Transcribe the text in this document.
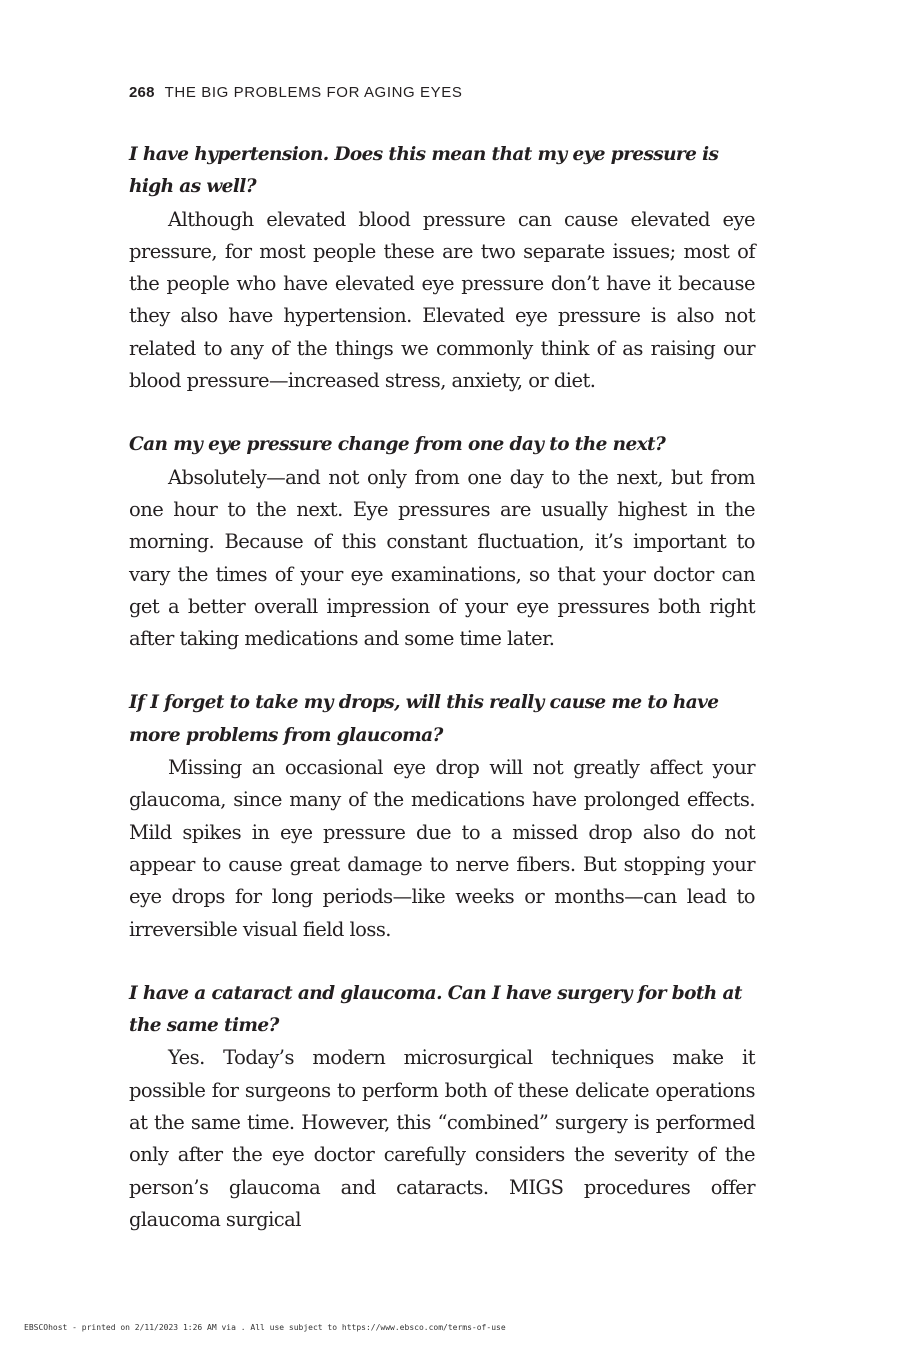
268 THE BIG PROBLEMS FOR AGING EYES

I have hypertension. Does this mean that my eye pressure is high as well?

Although elevated blood pressure can cause elevated eye pressure, for most people these are two separate issues; most of the people who have elevated eye pressure don’t have it because they also have hypertension. Elevated eye pressure is also not related to any of the things we commonly think of as raising our blood pressure—increased stress, anxiety, or diet.

Can my eye pressure change from one day to the next?

Absolutely—and not only from one day to the next, but from one hour to the next. Eye pressures are usually highest in the morning. Because of this constant fluctuation, it’s important to vary the times of your eye examinations, so that your doctor can get a better overall impression of your eye pressures both right after taking medications and some time later.

If I forget to take my drops, will this really cause me to have more problems from glaucoma?

Missing an occasional eye drop will not greatly affect your glaucoma, since many of the medications have prolonged effects. Mild spikes in eye pressure due to a missed drop also do not appear to cause great damage to nerve fibers. But stopping your eye drops for long periods—like weeks or months—can lead to irreversible visual field loss.

I have a cataract and glaucoma. Can I have surgery for both at the same time?

Yes. Today’s modern microsurgical techniques make it possible for surgeons to perform both of these delicate operations at the same time. However, this “combined” surgery is performed only after the eye doctor carefully considers the severity of the person’s glaucoma and cataracts. MIGS procedures offer glaucoma surgical

EBSCOhost - printed on 2/11/2023 1:26 AM via . All use subject to https://www.ebsco.com/terms-of-use
